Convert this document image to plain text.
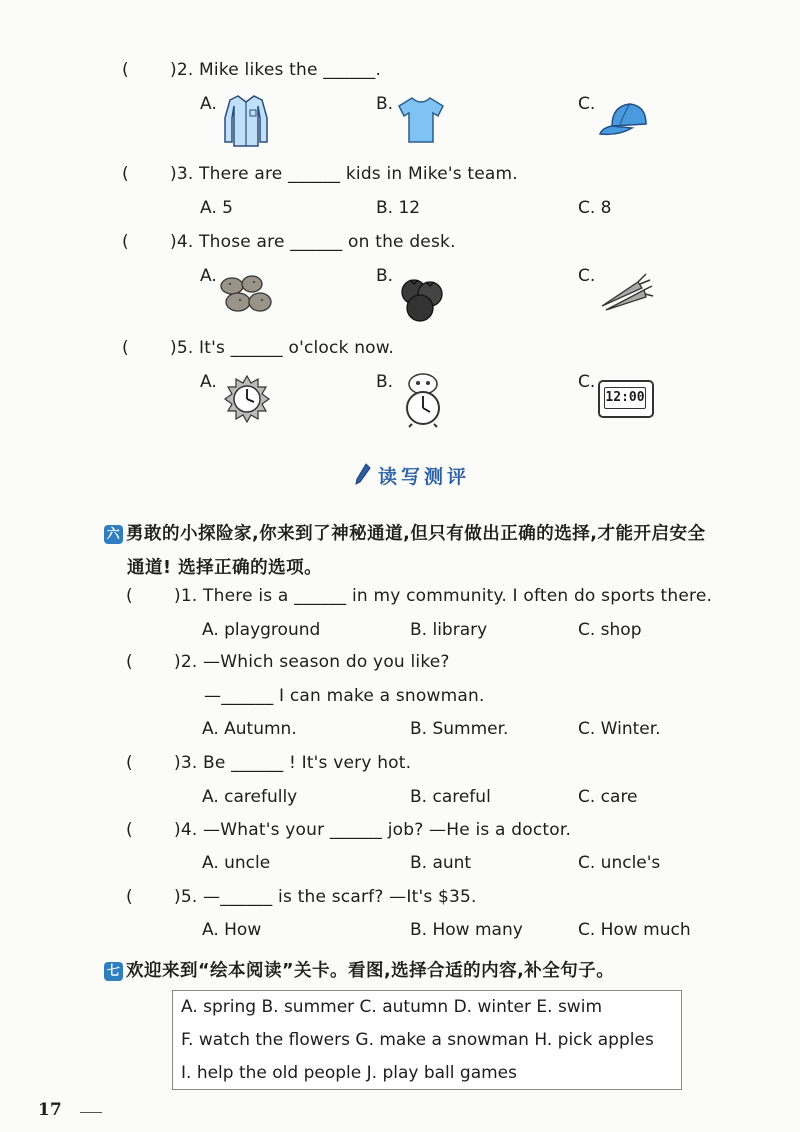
( )2. Mike likes the ______.
A.	B.	C.
( )3. There are ______ kids in Mike's team.
A. 5	B. 12	C. 8
( )4. Those are ______ on the desk.
A.	B.	C.
( )5. It's ______ o'clock now.
A.	B.	C.
12:00
读写测评
六 勇敢的小探险家,你来到了神秘通道,但只有做出正确的选择,才能开启安全
通道! 选择正确的选项。
( )1. There is a ______ in my community. I often do sports there.
A. playground	B. library	C. shop
( )2. —Which season do you like?
—______ I can make a snowman.
A. Autumn.	B. Summer.	C. Winter.
( )3. Be ______ ! It's very hot.
A. carefully	B. careful	C. care
( )4. —What's your ______ job? —He is a doctor.
A. uncle	B. aunt	C. uncle's
( )5. —______ is the scarf? —It's $35.
A. How	B. How many	C. How much
七 欢迎来到“绘本阅读”关卡。看图,选择合适的内容,补全句子。
A. spring B. summer C. autumn D. winter E. swim
F. watch the flowers G. make a snowman H. pick apples
I. help the old people J. play ball games
17
